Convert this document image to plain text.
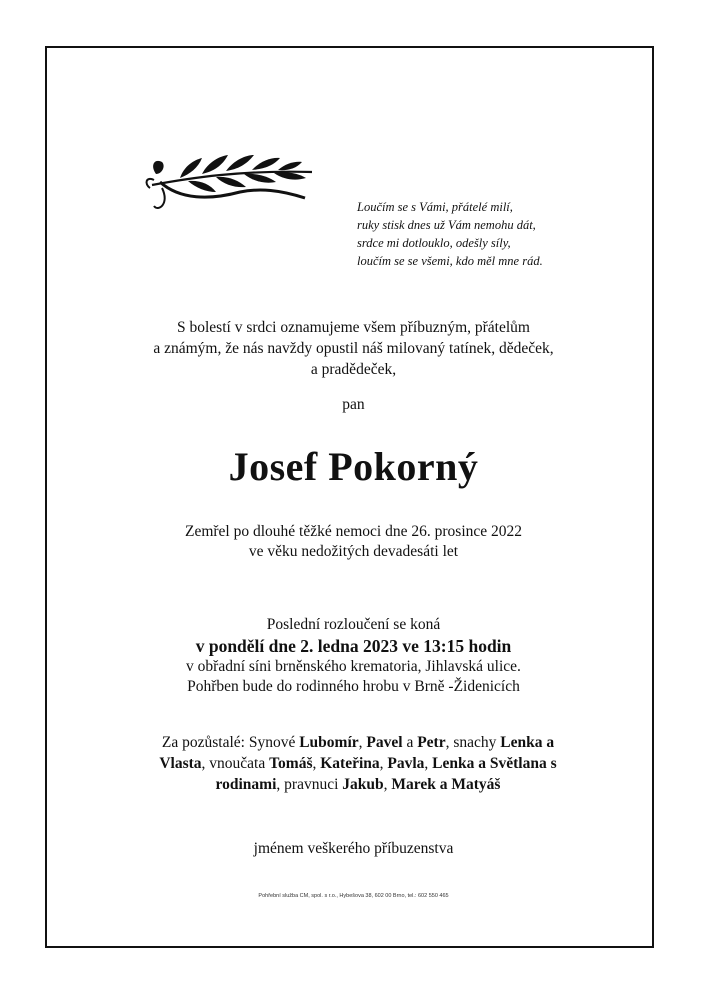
Loučím se s Vámi, přátelé milí,
ruky stisk dnes už Vám nemohu dát,
srdce mi dotlouklo, odešly síly,
loučím se se všemi, kdo měl mne rád.
S bolestí v srdci oznamujeme všem příbuzným, přátelům
a známým, že nás navždy opustil náš milovaný tatínek, dědeček,
a pradědeček,
pan
Josef Pokorný
Zemřel po dlouhé těžké nemoci dne 26. prosince 2022
ve věku nedožitých devadesáti let
Poslední rozloučení se koná
v pondělí dne 2. ledna 2023 ve 13:15 hodin
v obřadní síni brněnského krematoria, Jihlavská ulice.
Pohřben bude do rodinného hrobu v Brně -Židenicích
Za pozůstalé: Synové Lubomír, Pavel a Petr, snachy Lenka a Vlasta, vnoučata Tomáš, Kateřina, Pavla, Lenka a Světlana s rodinami, pravnuci Jakub, Marek a Matyáš
jménem veškerého příbuzenstva
Pohřební služba CM, spol. s r.o., Hybešova 38, 602 00 Brno, tel.: 602 550 465
